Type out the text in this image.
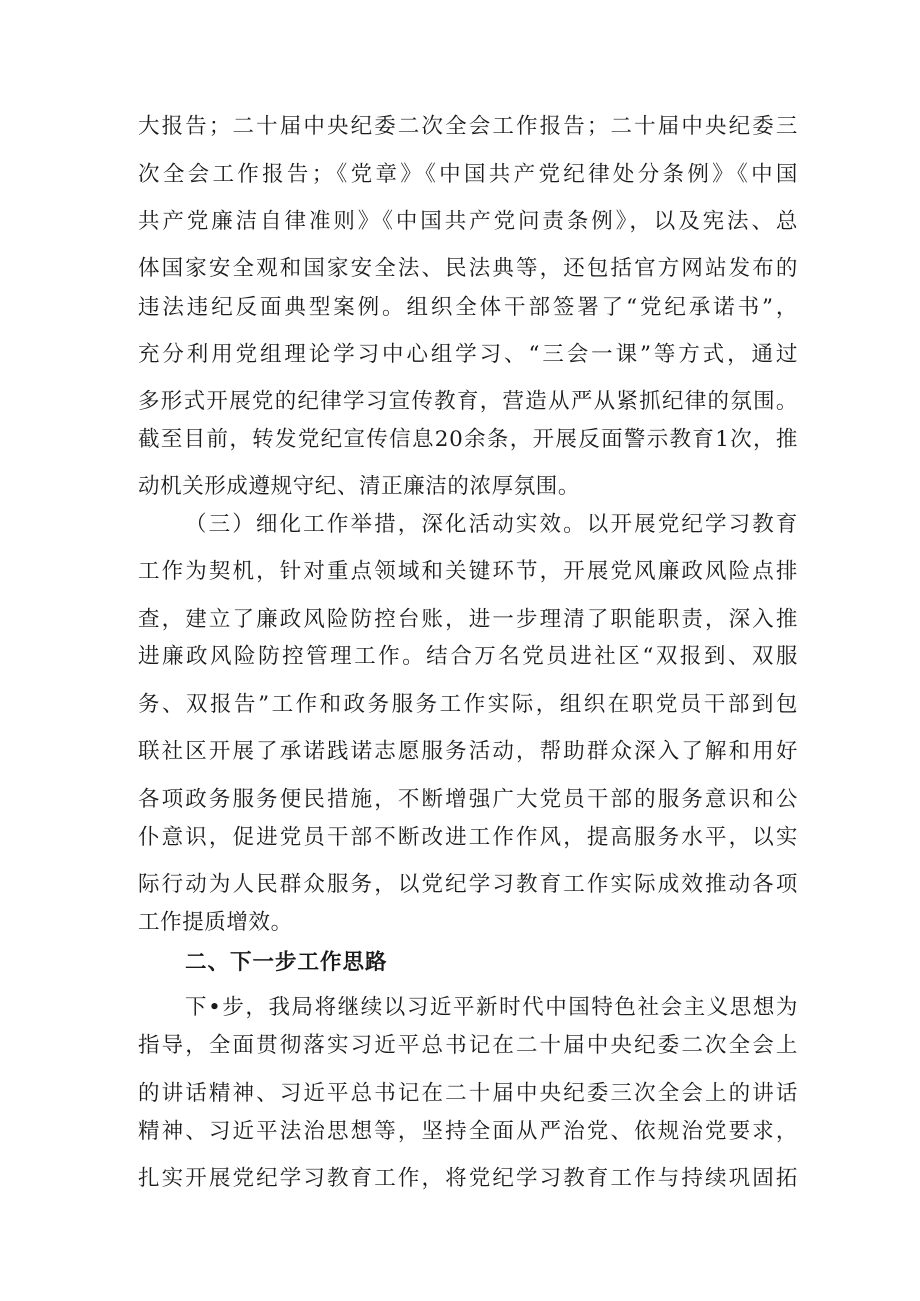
大报告；二十届中央纪委二次全会工作报告；二十届中央纪委三
次全会工作报告；《党章》《中国共产党纪律处分条例》《中国
共产党廉洁自律准则》《中国共产党问责条例》，以及宪法、总
体国家安全观和国家安全法、民法典等，还包括官方网站发布的
违法违纪反面典型案例。组织全体干部签署了“党纪承诺书”，
充分利用党组理论学习中心组学习、“三会一课”等方式，通过
多形式开展党的纪律学习宣传教育，营造从严从紧抓纪律的氛围。
截至目前，转发党纪宣传信息20余条，开展反面警示教育1次，推
动机关形成遵规守纪、清正廉洁的浓厚氛围。
（三）细化工作举措，深化活动实效。以开展党纪学习教育
工作为契机，针对重点领域和关键环节，开展党风廉政风险点排
查，建立了廉政风险防控台账，进一步理清了职能职责，深入推
进廉政风险防控管理工作。结合万名党员进社区“双报到、双服
务、双报告”工作和政务服务工作实际，组织在职党员干部到包
联社区开展了承诺践诺志愿服务活动，帮助群众深入了解和用好
各项政务服务便民措施，不断增强广大党员干部的服务意识和公
仆意识，促进党员干部不断改进工作作风，提高服务水平，以实
际行动为人民群众服务，以党纪学习教育工作实际成效推动各项
工作提质增效。
二、下一步工作思路
下•步，我局将继续以习近平新时代中国特色社会主义思想为
指导，全面贯彻落实习近平总书记在二十届中央纪委二次全会上
的讲话精神、习近平总书记在二十届中央纪委三次全会上的讲话
精神、习近平法治思想等，坚持全面从严治党、依规治党要求，
扎实开展党纪学习教育工作，将党纪学习教育工作与持续巩固拓
